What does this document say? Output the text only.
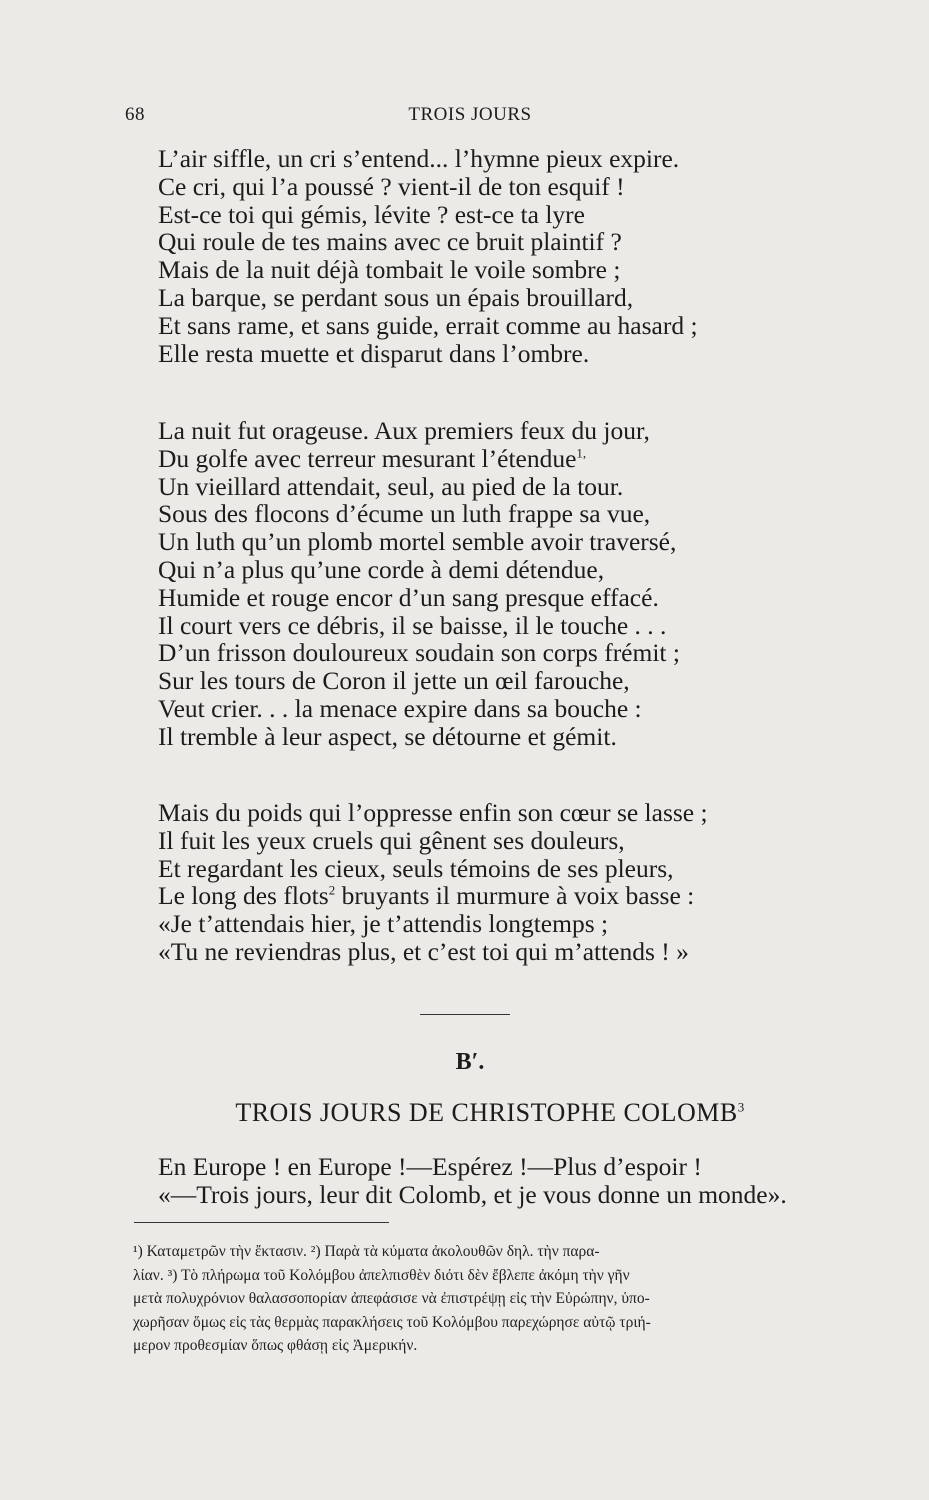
68	TROIS JOURS
L’air siffle, un cri s’entend... l’hymne pieux expire.
Ce cri, qui l’a poussé ? vient-il de ton esquif !
Est-ce toi qui gémis, lévite ? est-ce ta lyre
Qui roule de tes mains avec ce bruit plaintif ?
Mais de la nuit déjà tombait le voile sombre ;
La barque, se perdant sous un épais brouillard,
Et sans rame, et sans guide, errait comme au hasard ;
Elle resta muette et disparut dans l’ombre.
La nuit fut orageuse. Aux premiers feux du jour,
Du golfe avec terreur mesurant l’étendue$^{1,}$
Un vieillard attendait, seul, au pied de la tour.
Sous des flocons d’écume un luth frappe sa vue,
Un luth qu’un plomb mortel semble avoir traversé,
Qui n’a plus qu’une corde à demi détendue,
Humide et rouge encor d’un sang presque effacé.
Il court vers ce débris, il se baisse, il le touche . . .
D’un frisson douloureux soudain son corps frémit ;
Sur les tours de Coron il jette un œil farouche,
Veut crier. . . la menace expire dans sa bouche :
Il tremble à leur aspect, se détourne et gémit.
Mais du poids qui l’oppresse enfin son cœur se lasse ;
Il fuit les yeux cruels qui gênent ses douleurs,
Et regardant les cieux, seuls témoins de ses pleurs,
Le long des flots$^2$ bruyants il murmure à voix basse :
«Je t’attendais hier, je t’attendis longtemps ;
«Tu ne reviendras plus, et c’est toi qui m’attends ! »
B′.
TROIS JOURS DE CHRISTOPHE COLOMB$^3$
En Europe ! en Europe !—Espérez !—Plus d’espoir !
«—Trois jours, leur dit Colomb, et je vous donne un monde».
¹) Καταμετρῶν τὴν ἔκτασιν. ²) Παρὰ τὰ κύματα ἀκολουθῶν δηλ. τὴν παρα-
λίαν. ³) Τὸ πλήρωμα τοῦ Κολόμβου ἀπελπισθὲν διότι δὲν ἔβλεπε ἀκόμη τὴν γῆν
μετὰ πολυχρόνιον θαλασσοπορίαν ἀπεφάσισε νὰ ἐπιστρέψῃ εἰς τὴν Εὐρώπην, ὑπο-
χωρῆσαν ὅμως εἰς τὰς θερμὰς παρακλήσεις τοῦ Κολόμβου παρεχώρησε αὐτῷ τριή-
μερον προθεσμίαν ὅπως φθάσῃ εἰς Ἀμερικήν.
